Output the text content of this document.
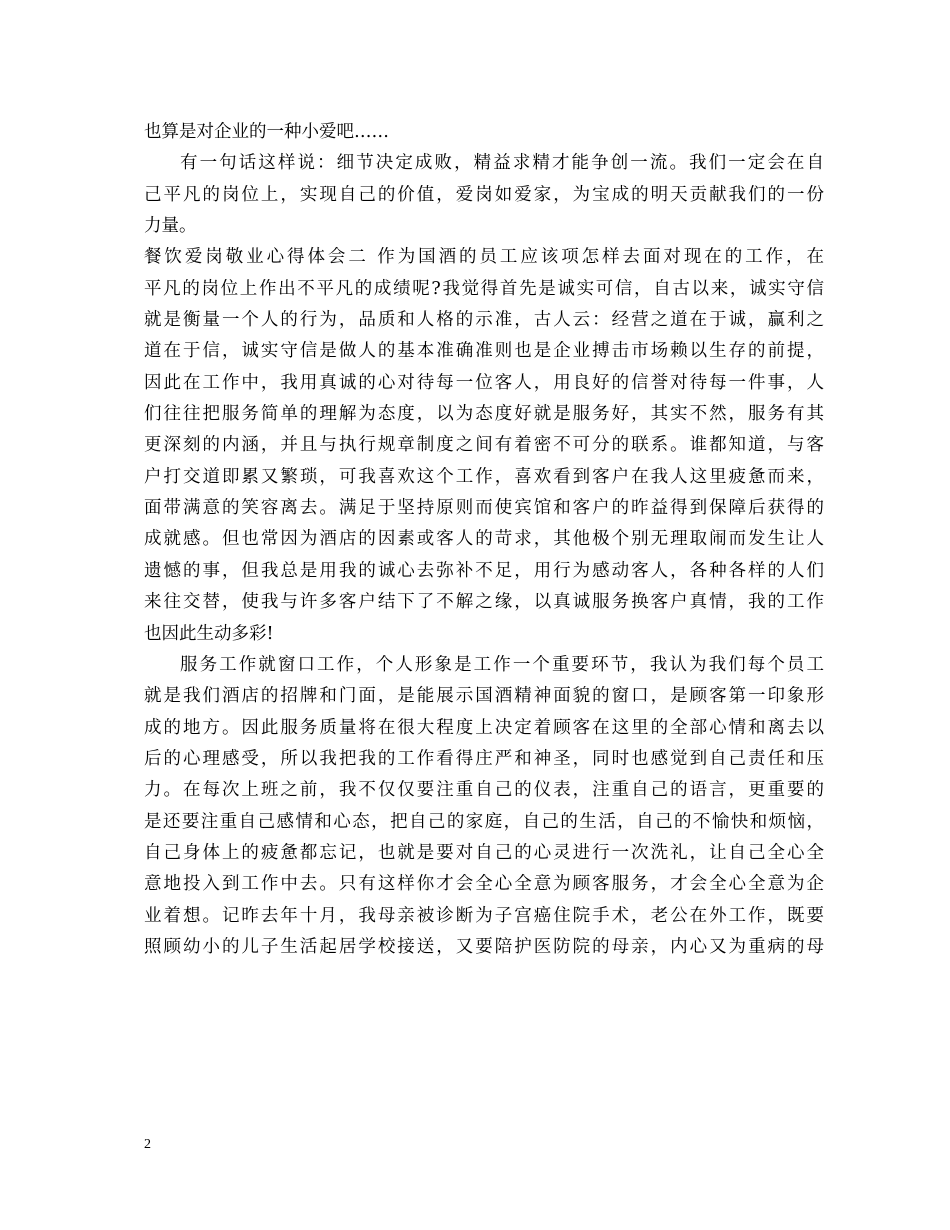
也算是对企业的一种小爱吧……
有一句话这样说：细节决定成败，精益求精才能争创一流。我们一定会在自
己平凡的岗位上，实现自己的价值，爱岗如爱家，为宝成的明天贡献我们的一份
力量。
餐饮爱岗敬业心得体会二 作为国酒的员工应该项怎样去面对现在的工作，在
平凡的岗位上作出不平凡的成绩呢?我觉得首先是诚实可信，自古以来，诚实守信
就是衡量一个人的行为，品质和人格的示准，古人云：经营之道在于诚，赢利之
道在于信，诚实守信是做人的基本准确准则也是企业搏击市场赖以生存的前提，
因此在工作中，我用真诚的心对待每一位客人，用良好的信誉对待每一件事，人
们往往把服务简单的理解为态度，以为态度好就是服务好，其实不然，服务有其
更深刻的内涵，并且与执行规章制度之间有着密不可分的联系。谁都知道，与客
户打交道即累又繁琐，可我喜欢这个工作，喜欢看到客户在我人这里疲惫而来，
面带满意的笑容离去。满足于坚持原则而使宾馆和客户的昨益得到保障后获得的
成就感。但也常因为酒店的因素或客人的苛求，其他极个别无理取闹而发生让人
遗憾的事，但我总是用我的诚心去弥补不足，用行为感动客人，各种各样的人们
来往交替，使我与许多客户结下了不解之缘，以真诚服务换客户真情，我的工作
也因此生动多彩!
服务工作就窗口工作，个人形象是工作一个重要环节，我认为我们每个员工
就是我们酒店的招牌和门面，是能展示国酒精神面貌的窗口，是顾客第一印象形
成的地方。因此服务质量将在很大程度上决定着顾客在这里的全部心情和离去以
后的心理感受，所以我把我的工作看得庄严和神圣，同时也感觉到自己责任和压
力。在每次上班之前，我不仅仅要注重自己的仪表，注重自己的语言，更重要的
是还要注重自己感情和心态，把自己的家庭，自己的生活，自己的不愉快和烦恼，
自己身体上的疲惫都忘记，也就是要对自己的心灵进行一次洗礼，让自己全心全
意地投入到工作中去。只有这样你才会全心全意为顾客服务，才会全心全意为企
业着想。记昨去年十月，我母亲被诊断为子宫癌住院手术，老公在外工作，既要
照顾幼小的儿子生活起居学校接送，又要陪护医防院的母亲，内心又为重病的母
2
